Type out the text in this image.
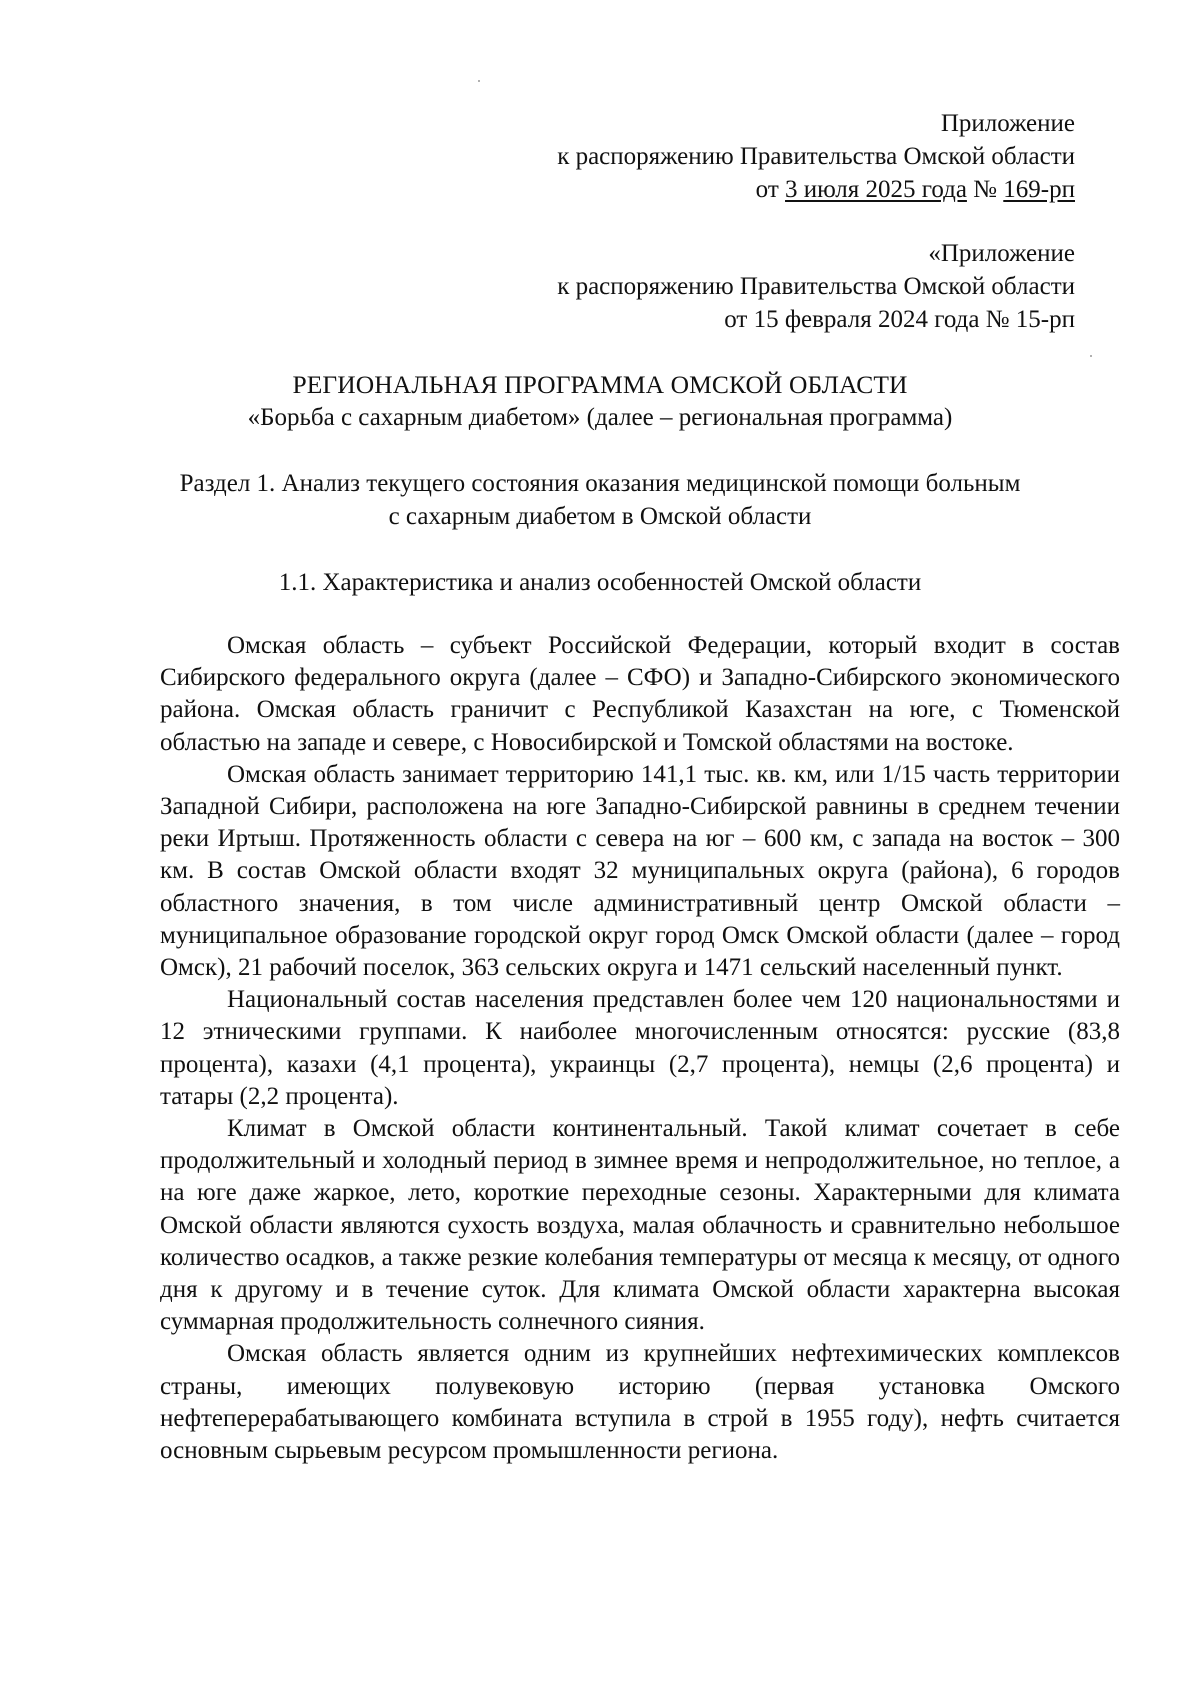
Приложение
к распоряжению Правительства Омской области
от 3 июля 2025 года № 169-рп
«Приложение
к распоряжению Правительства Омской области
от 15 февраля 2024 года № 15-рп
РЕГИОНАЛЬНАЯ ПРОГРАММА ОМСКОЙ ОБЛАСТИ
«Борьба с сахарным диабетом» (далее – региональная программа)
Раздел 1. Анализ текущего состояния оказания медицинской помощи больным
с сахарным диабетом в Омской области
1.1. Характеристика и анализ особенностей Омской области

Омская область – субъект Российской Федерации, который входит в состав Сибирского федерального округа (далее – СФО) и Западно-Сибирского экономического района. Омская область граничит с Республикой Казахстан на юге, с Тюменской областью на западе и севере, с Новосибирской и Томской областями на востоке.

Омская область занимает территорию 141,1 тыс. кв. км, или 1/15 часть территории Западной Сибири, расположена на юге Западно-Сибирской равнины в среднем течении реки Иртыш. Протяженность области с севера на юг – 600 км, с запада на восток – 300 км. В состав Омской области входят 32 муниципальных округа (района), 6 городов областного значения, в том числе административный центр Омской области – муниципальное образование городской округ город Омск Омской области (далее – город Омск), 21 рабочий поселок, 363 сельских округа и 1471 сельский населенный пункт.

Национальный состав населения представлен более чем 120 национальностями и 12 этническими группами. К наиболее многочисленным относятся: русские (83,8 процента), казахи (4,1 процента), украинцы (2,7 процента), немцы (2,6 процента) и татары (2,2 процента).

Климат в Омской области континентальный. Такой климат сочетает в себе продолжительный и холодный период в зимнее время и непродолжительное, но теплое, а на юге даже жаркое, лето, короткие переходные сезоны. Характерными для климата Омской области являются сухость воздуха, малая облачность и сравнительно небольшое количество осадков, а также резкие колебания температуры от месяца к месяцу, от одного дня к другому и в течение суток. Для климата Омской области характерна высокая суммарная продолжительность солнечного сияния.

Омская область является одним из крупнейших нефтехимических комплексов страны, имеющих полувековую историю (первая установка Омского нефтеперерабатывающего комбината вступила в строй в 1955 году), нефть считается основным сырьевым ресурсом промышленности региона.
